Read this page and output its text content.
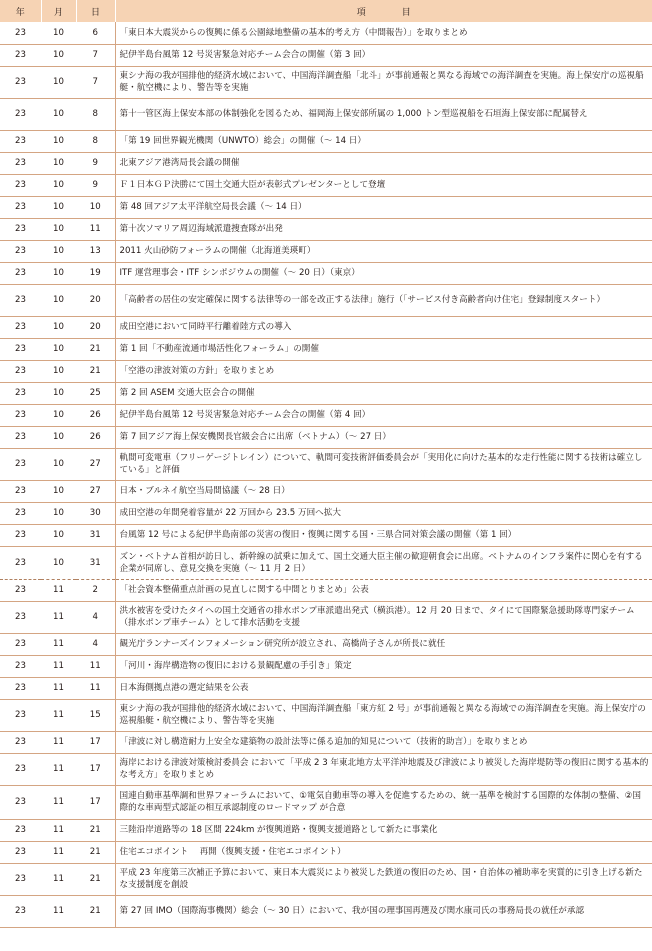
年	月	日	項　　　　目
23	10	6	「東日本大震災からの復興に係る公園緑地整備の基本的考え方（中間報告）」を取りまとめ
23	10	7	紀伊半島台風第 12 号災害緊急対応チーム会合の開催（第 3 回）
23	10	7	東シナ海の我が国排他的経済水域において、中国海洋調査船「北斗」が事前通報と異なる海域での海洋調査を実施。海上保安庁の巡視船艇・航空機により、警告等を実施
23	10	8	第十一管区海上保安本部の体制強化を図るため、福岡海上保安部所属の 1,000 トン型巡視船を石垣海上保安部に配属替え
23	10	8	「第 19 回世界観光機関（UNWTO）総会」の開催（〜 14 日）
23	10	9	北東アジア港湾局長会議の開催
23	10	9	Ｆ１日本ＧＰ決勝にて国土交通大臣が表彰式プレゼンターとして登壇
23	10	10	第 48 回アジア太平洋航空局長会議（〜 14 日）
23	10	11	第十次ソマリア周辺海域派遣捜査隊が出発
23	10	13	2011 火山砂防フォーラムの開催（北海道美瑛町）
23	10	19	ITF 運営理事会・ITF シンポジウムの開催（〜 20 日）（東京）
23	10	20	「高齢者の居住の安定確保に関する法律等の一部を改正する法律」施行（「サービス付き高齢者向け住宅」登録制度スタート）
23	10	20	成田空港において同時平行離着陸方式の導入
23	10	21	第 1 回「不動産流通市場活性化フォーラム」の開催
23	10	21	「空港の津波対策の方針」を取りまとめ
23	10	25	第 2 回 ASEM 交通大臣会合の開催
23	10	26	紀伊半島台風第 12 号災害緊急対応チーム会合の開催（第 4 回）
23	10	26	第 7 回アジア海上保安機関長官級会合に出席（ベトナム）（〜 27 日）
23	10	27	軌間可変電車（フリーゲージトレイン）について、軌間可変技術評価委員会が「実用化に向けた基本的な走行性能に関する技術は確立している」と評価
23	10	27	日本・ブルネイ航空当局間協議（〜 28 日）
23	10	30	成田空港の年間発着容量が 22 万回から 23.5 万回へ拡大
23	10	31	台風第 12 号による紀伊半島南部の災害の復旧・復興に関する国・三県合同対策会議の開催（第 1 回）
23	10	31	ズン・ベトナム首相が訪日し、新幹線の試乗に加えて、国土交通大臣主催の歓迎朝食会に出席。ベトナムのインフラ案件に関心を有する企業が同席し、意見交換を実施（〜 11 月 2 日）
23	11	2	「社会資本整備重点計画の見直しに関する中間とりまとめ」公表
23	11	4	洪水被害を受けたタイへの国土交通省の排水ポンプ車派遣出発式（横浜港）。12 月 20 日まで、タイにて国際緊急援助隊専門家チーム（排水ポンプ車チーム）として排水活動を支援
23	11	4	観光庁ランナーズインフォメーション研究所が設立され、高橋尚子さんが所長に就任
23	11	11	「河川・海岸構造物の復旧における景観配慮の手引き」策定
23	11	11	日本海側拠点港の選定結果を公表
23	11	15	東シナ海の我が国排他的経済水域において、中国海洋調査船「東方紅 2 号」が事前通報と異なる海域での海洋調査を実施。海上保安庁の巡視船艇・航空機により、警告等を実施
23	11	17	「津波に対し構造耐力上安全な建築物の設計法等に係る追加的知見について（技術的助言）」を取りまとめ
23	11	17	海岸における津波対策検討委員会 において「平成 2 3 年東北地方太平洋沖地震及び津波により被災した海岸堤防等の復旧に関する基本的な考え方」を取りまとめ
23	11	17	国連自動車基準調和世界フォーラムにおいて、①電気自動車等の導入を促進するための、統一基準を検討する国際的な体制の整備、②国際的な車両型式認証の相互承認制度のロードマップ が合意
23	11	21	三陸沿岸道路等の 18 区間 224km が復興道路・復興支援道路として新たに事業化
23	11	21	住宅エコポイント　 再開（復興支援・住宅エコポイント）
23	11	21	平成 23 年度第三次補正予算において、東日本大震災により被災した鉄道の復旧のため、国・自治体の補助率を実質的に引き上げる新たな支援制度を創設
23	11	21	第 27 回 IMO（国際海事機関）総会（〜 30 日）において、我が国の理事国再選及び関水康司氏の事務局長の就任が承認
